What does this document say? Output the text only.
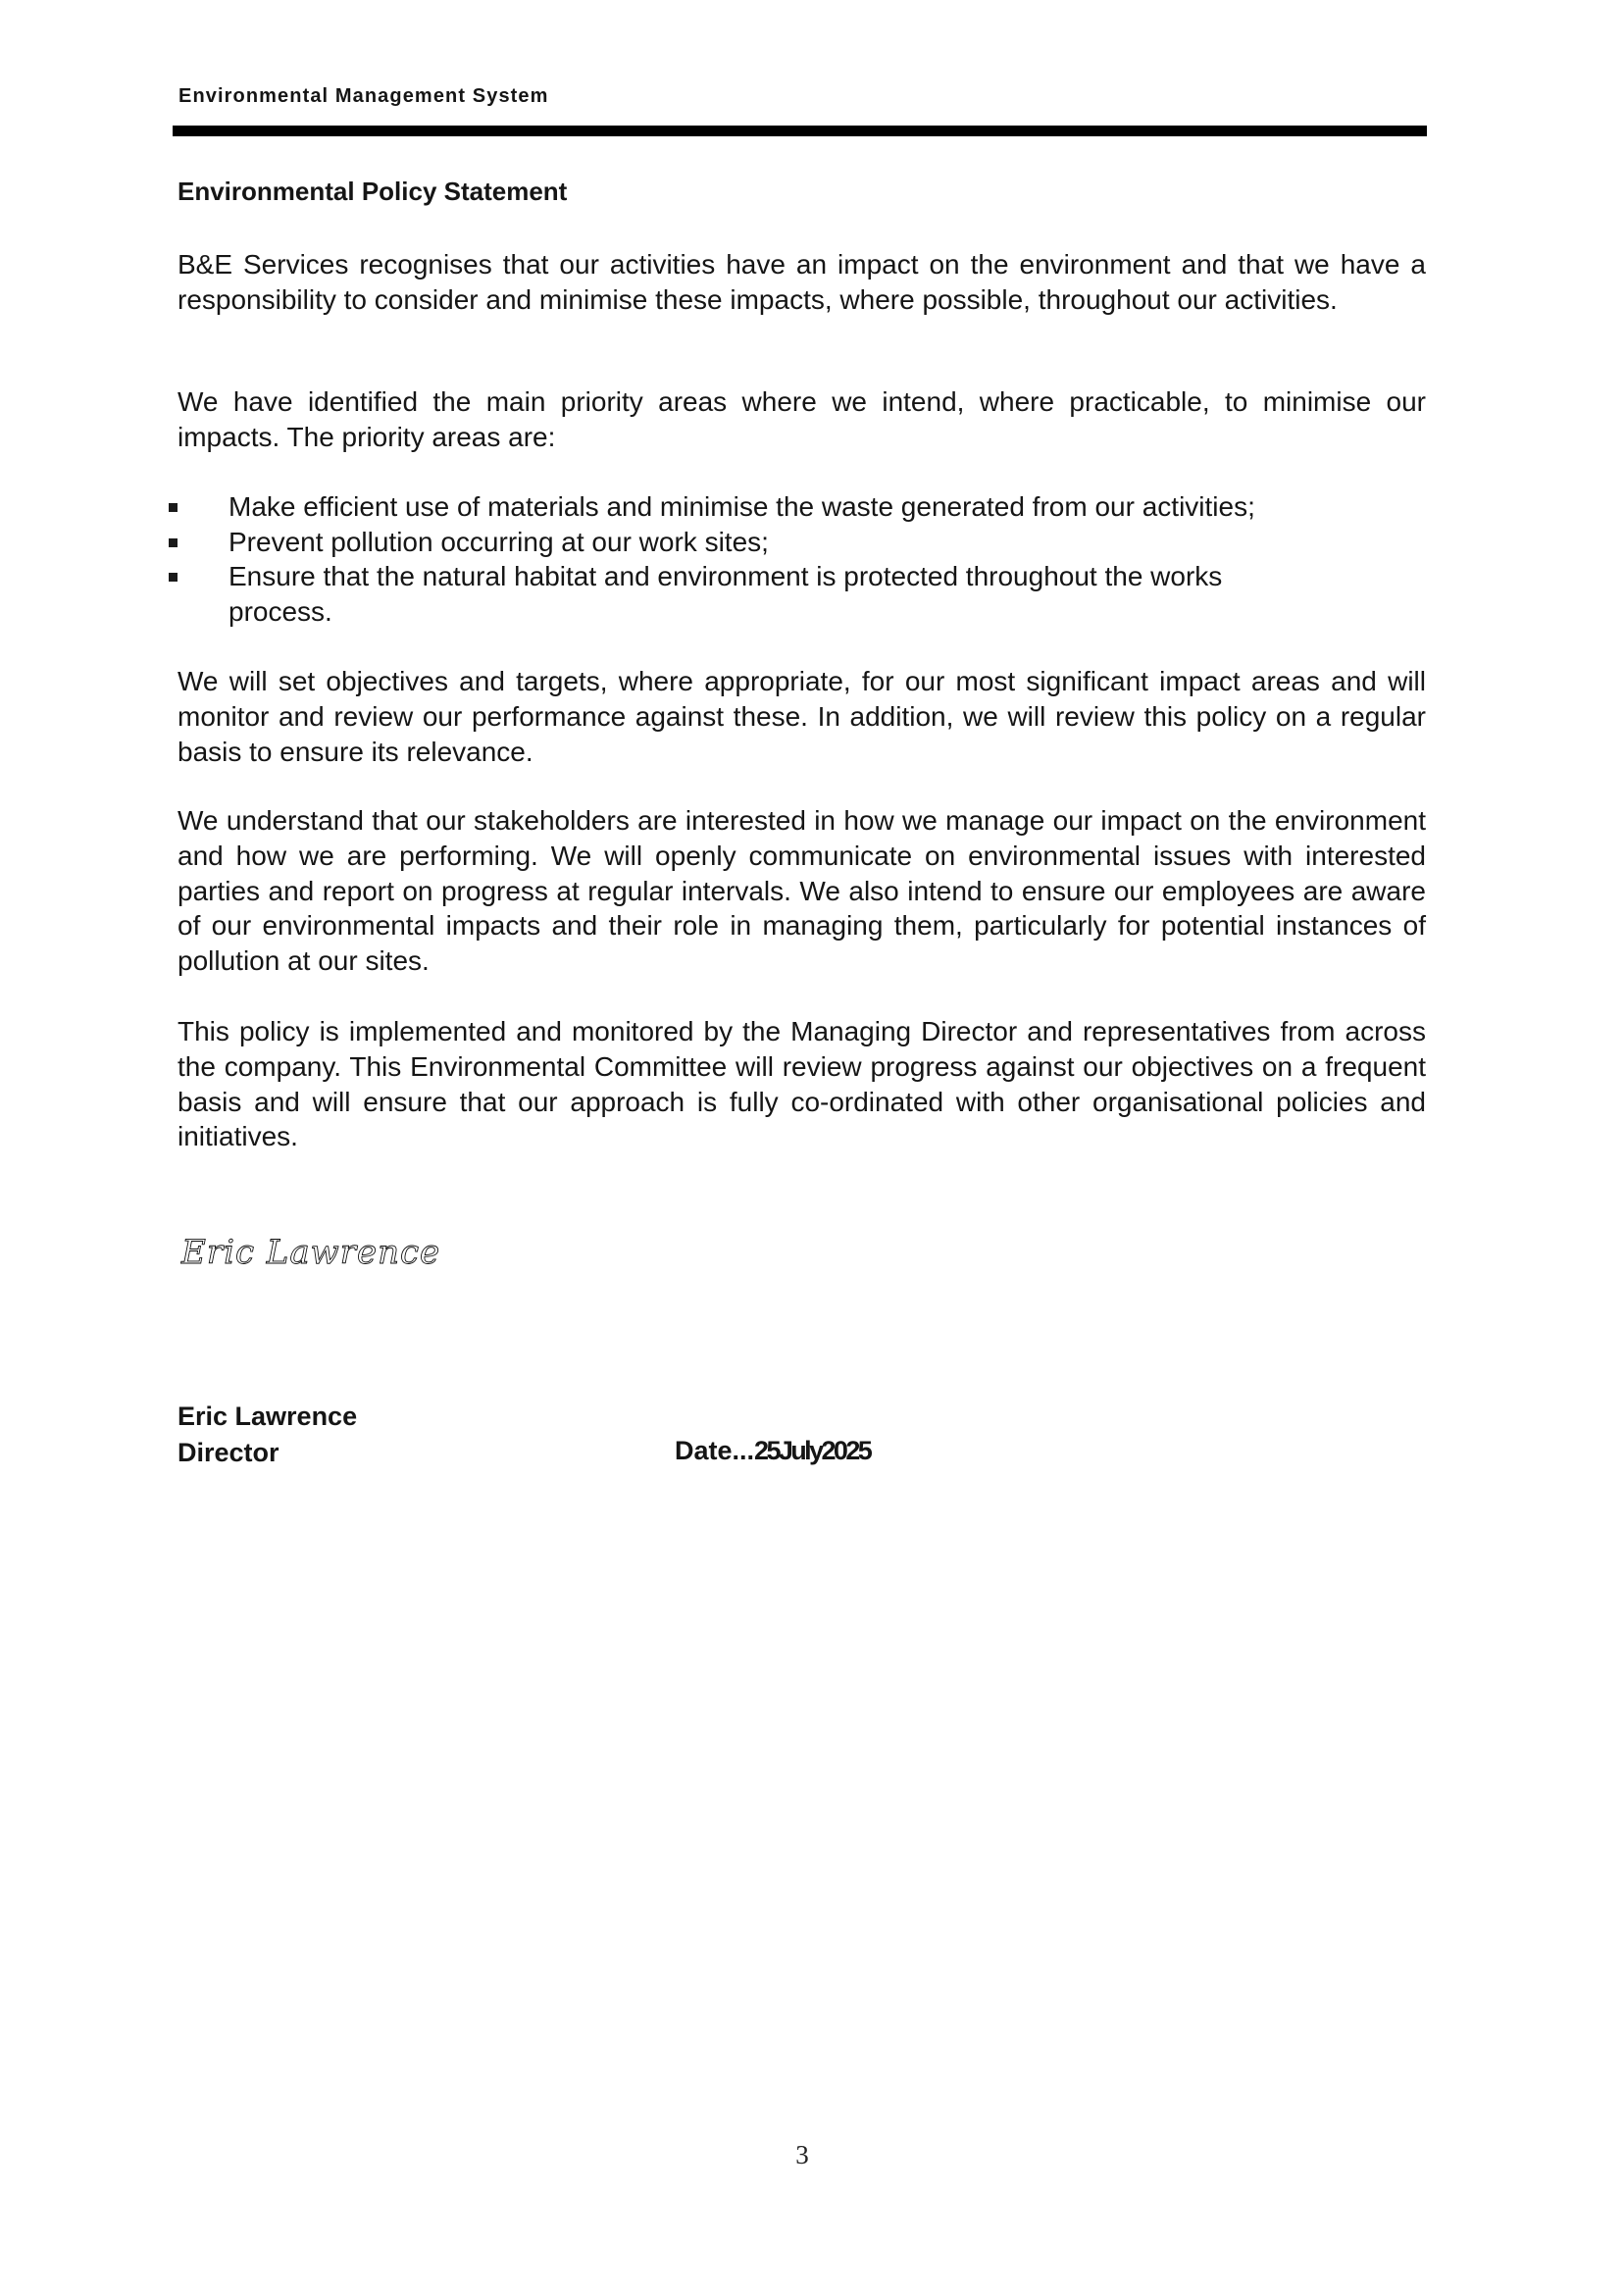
Environmental Management System
Environmental Policy Statement

B&E Services recognises that our activities have an impact on the environment and that we have a responsibility to consider and minimise these impacts, where possible, throughout our activities.

We have identified the main priority areas where we intend, where practicable, to minimise our impacts. The priority areas are:

Make efficient use of materials and minimise the waste generated from our activities;
Prevent pollution occurring at our work sites;
Ensure that the natural habitat and environment is protected throughout the works process.

We will set objectives and targets, where appropriate, for our most significant impact areas and will monitor and review our performance against these. In addition, we will review this policy on a regular basis to ensure its relevance.

We understand that our stakeholders are interested in how we manage our impact on the environment and how we are performing. We will openly communicate on environmental issues with interested parties and report on progress at regular intervals. We also intend to ensure our employees are aware of our environmental impacts and their role in managing them, particularly for potential instances of pollution at our sites.

This policy is implemented and monitored by the Managing Director and representatives from across the company. This Environmental Committee will review progress against our objectives on a frequent basis and will ensure that our approach is fully co-ordinated with other organisational policies and initiatives.

Eric Lawrence
Eric Lawrence
Director	Date...25July2025
3
